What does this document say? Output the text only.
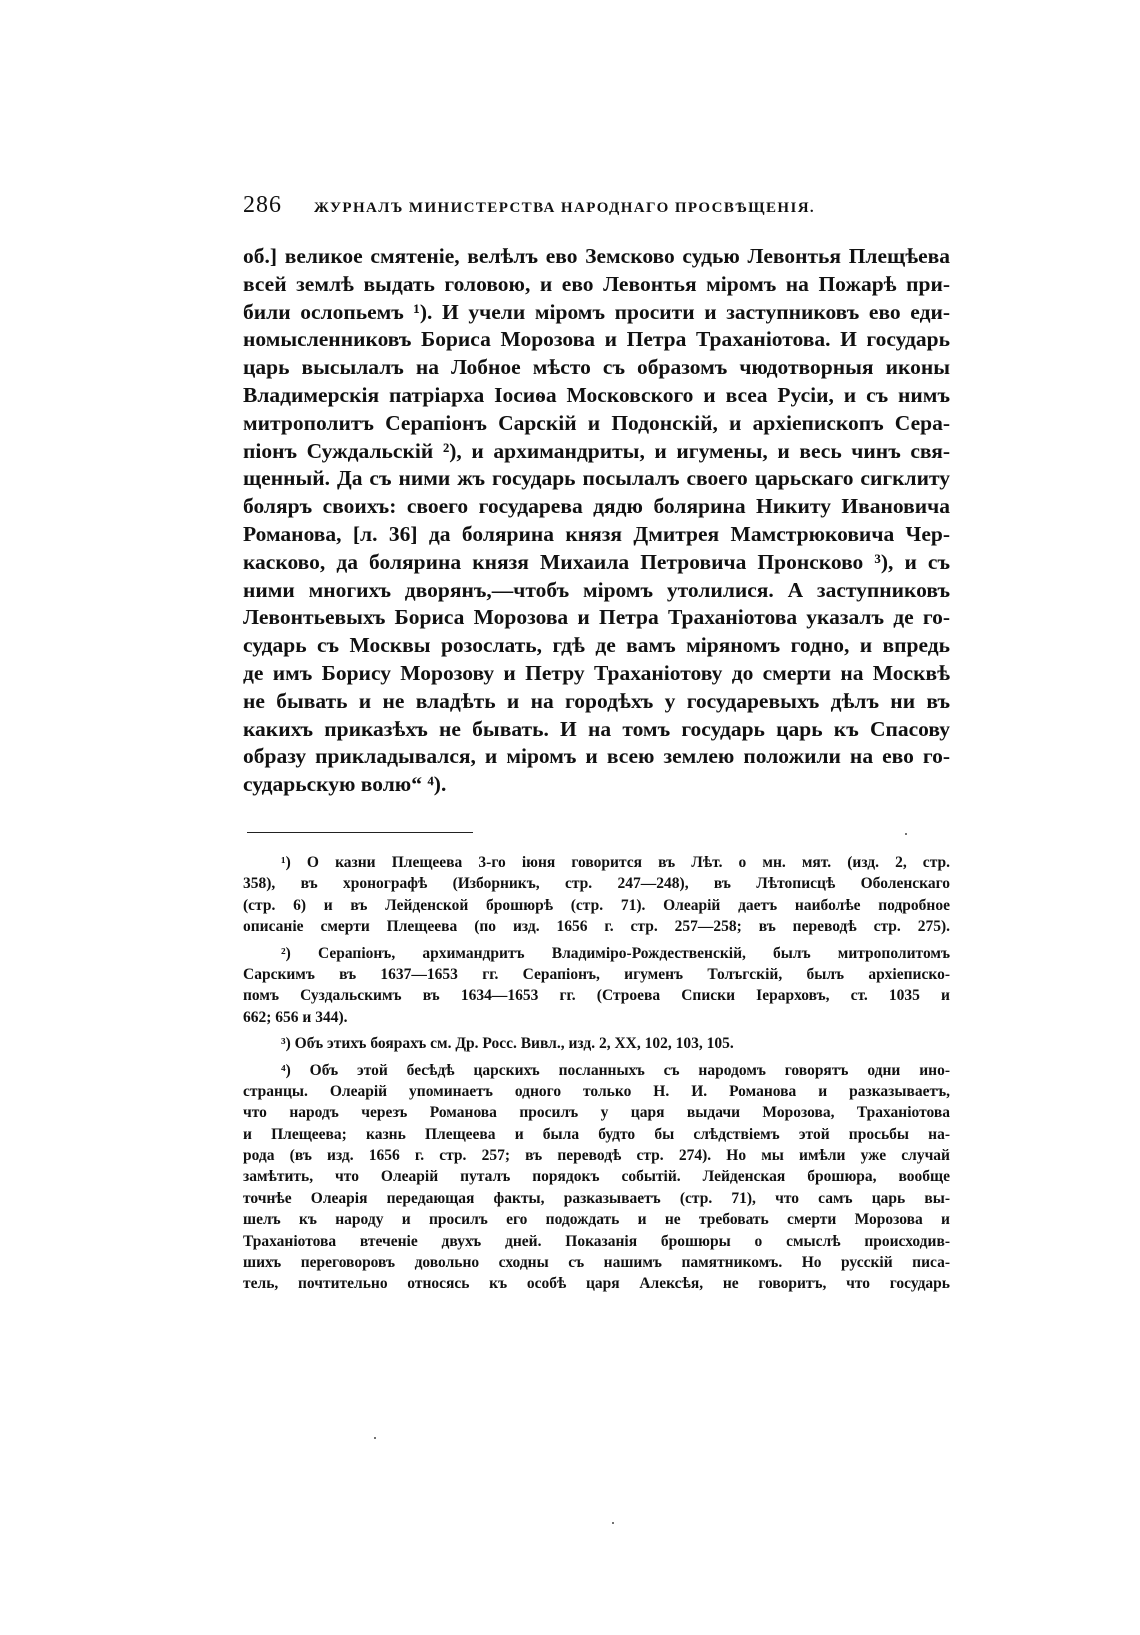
286 ЖУРНАЛЪ МИНИСТЕРСТВА НАРОДНАГО ПРОСВѢЩЕНІЯ.
об.] великое смятеніе, велѣлъ ево Земсково судью Левонтья Плещѣева
всей землѣ выдать головою, и ево Левонтья міромъ на Пожарѣ при-
били ослопьемъ ¹). И учели міромъ просити и заступниковъ ево еди-
номысленниковъ Бориса Морозова и Петра Траханіотова. И государь
царь высылалъ на Лобное мѣсто съ образомъ чюдотворныя иконы
Владимерскія патріарха Іосиѳа Московского и всеа Русіи, и съ нимъ
митрополитъ Серапіонъ Сарскій и Подонскій, и архіепископъ Сера-
піонъ Суждальскій ²), и архимандриты, и игумены, и весь чинъ свя-
щенный. Да съ ними жъ государь посылалъ своего царьскаго сигклиту
боляръ своихъ: своего государева дядю болярина Никиту Ивановича
Романова, [л. 36] да болярина князя Дмитрея Мамстрюковича Чер-
касково, да болярина князя Михаила Петровича Пронсково ³), и съ
ними многихъ дворянъ,—чтобъ міромъ утолилися. А заступниковъ
Левонтьевыхъ Бориса Морозова и Петра Траханіотова указалъ де го-
сударь съ Москвы розослать, гдѣ де вамъ міряномъ годно, и впредь
де имъ Борису Морозову и Петру Траханіотову до смерти на Москвѣ
не бывать и не владѣть и на городѣхъ у государевыхъ дѣлъ ни въ
какихъ приказѣхъ не бывать. И на томъ государь царь къ Спасову
образу прикладывался, и міромъ и всею землею положили на ево го-
сударьскую волю“ ⁴).
¹) О казни Плещеева 3-го іюня говорится въ Лѣт. о мн. мят. (изд. 2, стр.
358), въ хронографѣ (Изборникъ, стр. 247—248), въ Лѣтописцѣ Оболенскаго
(стр. 6) и въ Лейденской брошюрѣ (стр. 71). Олеарій даетъ наиболѣе подробное
описаніе смерти Плещеева (по изд. 1656 г. стр. 257—258; въ переводѣ стр. 275).
²) Серапіонъ, архимандритъ Владиміро-Рождественскій, былъ митрополитомъ
Сарскимъ въ 1637—1653 гг. Серапіонъ, игуменъ Толъгскій, былъ архіеписко-
помъ Суздальскимъ въ 1634—1653 гг. (Строева Списки Іерарховъ, ст. 1035 и
662; 656 и 344).
³) Объ этихъ бояpахъ см. Др. Росс. Вивл., изд. 2, XX, 102, 103, 105.
⁴) Объ этой бесѣдѣ царскихъ посланныхъ съ народомъ говорятъ одни ино-
странцы. Олеарій упоминаетъ одного только Н. И. Романова и разказываетъ,
что народъ черезъ Романова просилъ у царя выдачи Морозова, Траханіотова
и Плещеева; казнь Плещеева и была будто бы слѣдствіемъ этой просьбы на-
рода (въ изд. 1656 г. стр. 257; въ переводѣ стр. 274). Но мы имѣли уже случай
замѣтить, что Олеарій путалъ порядокъ событій. Лейденская брошюра, вообще
точнѣе Олеарія передающая факты, разказываетъ (стр. 71), что самъ царь вы-
шелъ къ народу и просилъ его подождать и не требовать смерти Морозова и
Траханіотова втеченіе двухъ дней. Показанія брошюры о смыслѣ происходив-
шихъ переговоровъ довольно сходны съ нашимъ памятникомъ. Но русскій писа-
тель, почтительно относясь къ особѣ царя Алексѣя, не говоритъ, что государь
